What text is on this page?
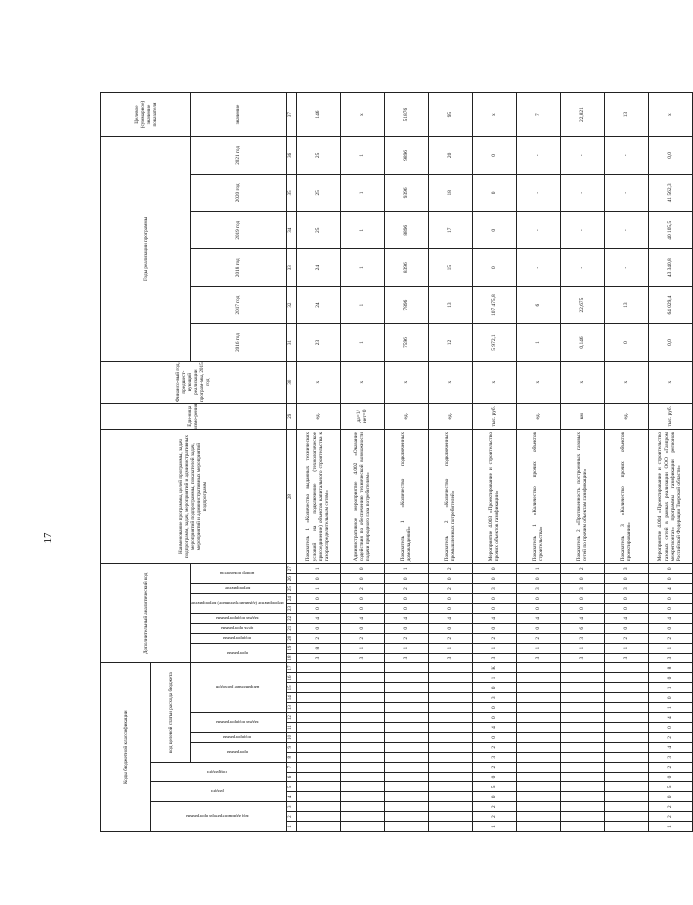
17
Коды бюджетной классификации																	Дополнительный аналитический код										Наименование программы, целей программы, задач подпрограмм, задач, мероприятий и административных мероприятий подпрограммы, показателей задач, мероприятий и административных мероприятий подпрограмм	Еди-ница изме-рения	Финансо-вый год, предшест-вующий реализации програм-мы, 2015 год	Годы реализации программы						Целевое (суммарное) значение показателя
код администратора программы			раздел		подраздел		код целевой статьи расхода бюджета																													
							программа		подпрограмма	задача подпрограммы		направление расходов					программа		подпрограмма	цель программы	задача подпрограммы	мероприятие (административное) мероприятие		мероприятие	номер показателя					2016 год	2017 год	2018 год	2019 год	2020 год	2021 год	значение
1	2	3	4	5	6	7	8	9	10	11	12	13	14	15	16	17	18	19	20	21	22	23	24	25	26	27	28	29	30	31	32	33	34	35	36	37
																	3	8	2	0	4	0	0	1	0	1	Показатель 1 «Количество выданных технических условий на подключение (технологическое присоединение) объектов капитального строительства к газораспределительным сетям»	ед.	х	23	24	24	25	25	25	146
																	3	1	2	0	4	0	0	2	0	0	Административное мероприятие 4.002 «Оказание содействия по обеспечению технической возможности подачи природного газа потребителям»	да=1/ нет=0	х	1	1	1	1	1	1	х
																	3	1	2	0	4	0	0	2	0	1	Показатель 1 «Количество подключенных домовладений»	ед.	х	7596	7896	8396	8896	9396	9896	51876
																	3	1	2	0	4	0	0	2	0	2	Показатель 2 «Количество подключенных промышленных потребителей»	ед.	х	12	13	15	17	18	20	95
1	2	2	0	5	0	2	3	2	0	4	0	0	3	0	1	К	3	1	2	0	4	0	0	3	0	0	Мероприятие 4.003 «Проектирование и строительство прочих объектов газификации»	тыс. руб.	х	5 972,1	107 475,8	0	0	0	0	х
																	3	1	2	0	4	0	0	3	0	1	Показатель 1 «Количество прочих объектов строительства»	ед.	х	1	6	-	-	-	-	7
																	3	1	3	6	4	0	0	3	0	2	Показатель 2 «Протяженность построенных газовых сетей по прочим объектам газификации»	км	х	0,146	22,675	-	-	-	-	22,821
																	3	1	2	0	4	0	0	3	0	3	Показатель 3 «Количество прочих объектов проектирования»	ед.	х	0	13	-	-	-	-	13
1	2	2	0	5	0	2	3	4	2	0	4	1	0	1	0	8	3	1	2	0	4	0	0	4	0	0	Мероприятие 4.004 «Проектирование и строительство газовых сетей в рамках реализации ООО «Газпром межрегионгаз» программы газификации регионов Российской Федерации Тверской области»	тыс. руб.	х	0,0	64 029,4	43 340,8	40 105,5	41 562,3	0,0	х
